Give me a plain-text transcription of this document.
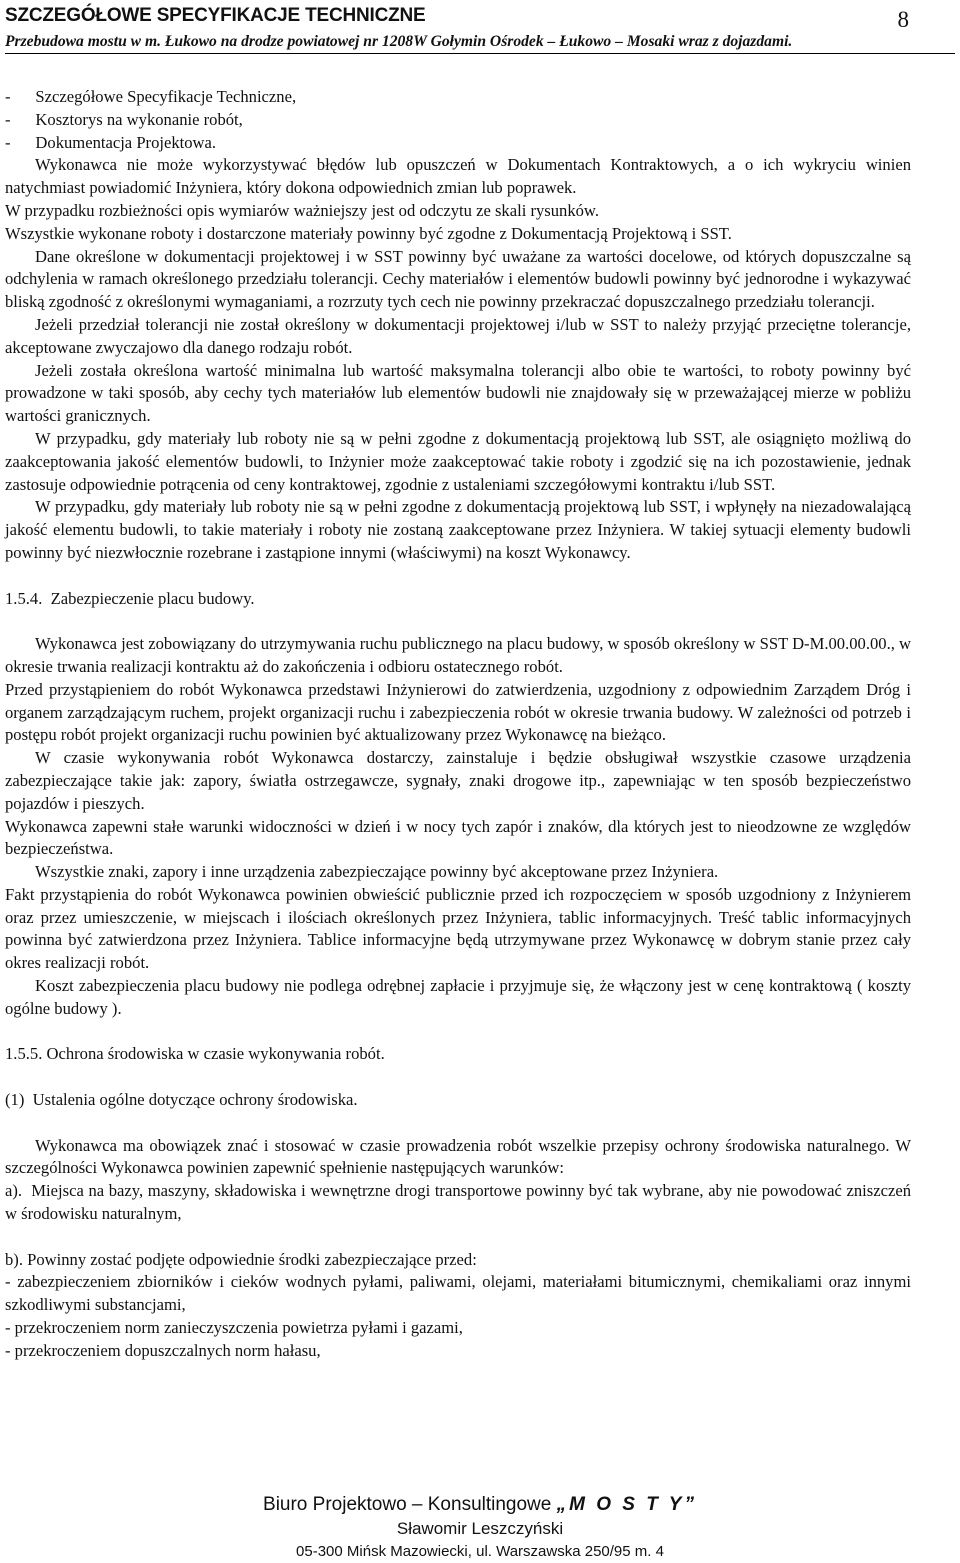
SZCZEGÓŁOWE SPECYFIKACJE TECHNICZNE	8
Przebudowa mostu w m. Łukowo na drodze powiatowej nr 1208W Gołymin Ośrodek – Łukowo – Mosaki wraz z dojazdami.

-      Szczegółowe Specyfikacje Techniczne,

-      Kosztorys na wykonanie robót,

-      Dokumentacja Projektowa.

Wykonawca nie może wykorzystywać błędów lub opuszczeń w Dokumentach Kontraktowych, a o ich wykryciu winien natychmiast powiadomić Inżyniera, który dokona odpowiednich zmian lub poprawek.

W przypadku rozbieżności opis wymiarów ważniejszy jest od odczytu ze skali rysunków.

Wszystkie wykonane roboty i dostarczone materiały powinny być zgodne z Dokumentacją Projektową i SST.

Dane określone w dokumentacji projektowej i w SST powinny być uważane za wartości docelowe, od których dopuszczalne są odchylenia w ramach określonego przedziału tolerancji. Cechy materiałów i elementów budowli powinny być jednorodne i wykazywać bliską zgodność z określonymi wymaganiami, a rozrzuty tych cech nie powinny przekraczać dopuszczalnego przedziału tolerancji.

Jeżeli przedział tolerancji nie został określony w dokumentacji projektowej i/lub w SST to należy przyjąć przeciętne tolerancje, akceptowane zwyczajowo dla danego rodzaju robót.

Jeżeli została określona wartość minimalna lub wartość maksymalna tolerancji albo obie te wartości, to roboty powinny być prowadzone w taki sposób, aby cechy tych materiałów lub elementów budowli nie znajdowały się w przeważającej mierze w pobliżu wartości granicznych.

W przypadku, gdy materiały lub roboty nie są w pełni zgodne z dokumentacją projektową lub SST, ale osiągnięto możliwą do zaakceptowania jakość elementów budowli, to Inżynier może zaakceptować takie roboty i zgodzić się na ich pozostawienie, jednak zastosuje odpowiednie potrącenia od ceny kontraktowej, zgodnie z ustaleniami szczegółowymi kontraktu i/lub SST.

W przypadku, gdy materiały lub roboty nie są w pełni zgodne z dokumentacją projektową lub SST, i wpłynęły na niezadowalającą jakość elementu budowli, to takie materiały i roboty nie zostaną zaakceptowane przez Inżyniera. W takiej sytuacji elementy budowli powinny być niezwłocznie rozebrane i zastąpione innymi (właściwymi) na koszt Wykonawcy.

1.5.4.  Zabezpieczenie placu budowy.

Wykonawca jest zobowiązany do utrzymywania ruchu publicznego na placu budowy, w sposób określony w SST D-M.00.00.00., w okresie trwania realizacji kontraktu aż do zakończenia i odbioru ostatecznego robót.

Przed przystąpieniem do robót Wykonawca przedstawi Inżynierowi do zatwierdzenia, uzgodniony z odpowiednim Zarządem Dróg i organem zarządzającym ruchem, projekt organizacji ruchu i zabezpieczenia robót w okresie trwania budowy. W zależności od potrzeb i postępu robót projekt organizacji ruchu powinien być aktualizowany przez Wykonawcę na bieżąco.

W czasie wykonywania robót Wykonawca dostarczy, zainstaluje i będzie obsługiwał wszystkie czasowe urządzenia zabezpieczające takie jak: zapory, światła ostrzegawcze, sygnały, znaki drogowe itp., zapewniając w ten sposób bezpieczeństwo pojazdów i pieszych.

Wykonawca zapewni stałe warunki widoczności w dzień i w nocy tych zapór i znaków, dla których jest to nieodzowne ze względów bezpieczeństwa.

Wszystkie znaki, zapory i inne urządzenia zabezpieczające powinny być akceptowane przez Inżyniera.

Fakt przystąpienia do robót Wykonawca powinien obwieścić publicznie przed ich rozpoczęciem w sposób uzgodniony z Inżynierem oraz przez umieszczenie, w miejscach i ilościach określonych przez Inżyniera, tablic informacyjnych. Treść tablic informacyjnych powinna być zatwierdzona przez Inżyniera. Tablice informacyjne będą utrzymywane przez Wykonawcę w dobrym stanie przez cały okres realizacji robót.

Koszt zabezpieczenia placu budowy nie podlega odrębnej zapłacie i przyjmuje się, że włączony jest w cenę kontraktową ( koszty ogólne budowy ).

1.5.5. Ochrona środowiska w czasie wykonywania robót.

(1)  Ustalenia ogólne dotyczące ochrony środowiska.

Wykonawca ma obowiązek znać i stosować w czasie prowadzenia robót wszelkie przepisy ochrony środowiska naturalnego. W szczególności Wykonawca powinien zapewnić spełnienie następujących warunków:

a).  Miejsca na bazy, maszyny, składowiska i wewnętrzne drogi transportowe powinny być tak wybrane, aby nie powodować zniszczeń w środowisku naturalnym,

b). Powinny zostać podjęte odpowiednie środki zabezpieczające przed:

- zabezpieczeniem zbiorników i cieków wodnych pyłami, paliwami, olejami, materiałami bitumicznymi, chemikaliami oraz innymi szkodliwymi substancjami,

- przekroczeniem norm zanieczyszczenia powietrza pyłami i gazami,

- przekroczeniem dopuszczalnych norm hałasu,

Biuro Projektowo – Konsultingowe „M O S T Y”
Sławomir Leszczyński
05-300 Mińsk Mazowiecki, ul. Warszawska 250/95 m. 4
